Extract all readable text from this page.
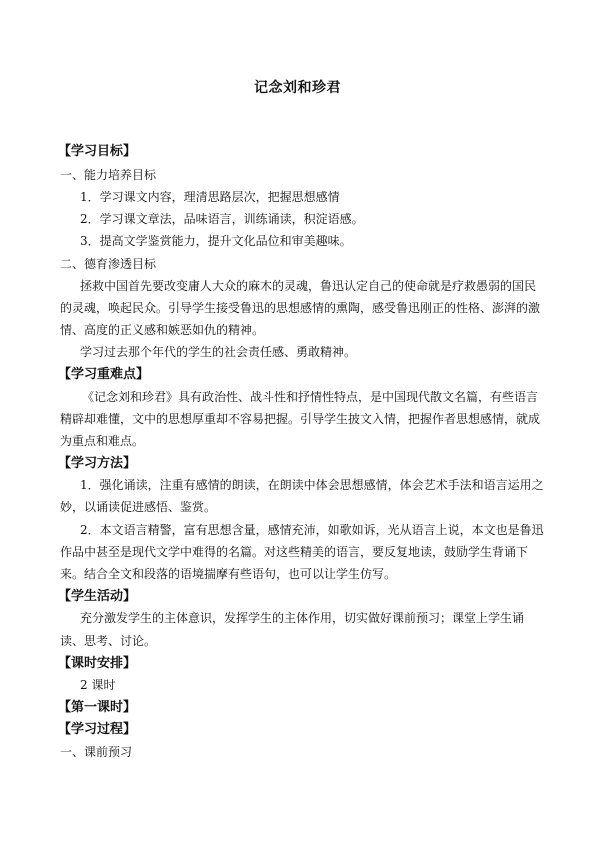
记念刘和珍君
【学习目标】
一、能力培养目标
1．学习课文内容，理清思路层次，把握思想感情
2．学习课文章法，品味语言，训练诵读，积淀语感。
3．提高文学鉴赏能力，提升文化品位和审美趣味。
二、德育渗透目标
拯救中国首先要改变庸人大众的麻木的灵魂，鲁迅认定自己的使命就是疗救愚弱的国民
的灵魂，唤起民众。引导学生接受鲁迅的思想感情的熏陶，感受鲁迅刚正的性格、澎湃的激
情、高度的正义感和嫉恶如仇的精神。
学习过去那个年代的学生的社会责任感、勇敢精神。
【学习重难点】
《记念刘和珍君》具有政治性、战斗性和抒情性特点，是中国现代散文名篇，有些语言
精辟却难懂，文中的思想厚重却不容易把握。引导学生披文入情，把握作者思想感情，就成
为重点和难点。
【学习方法】
1．强化诵读，注重有感情的朗读，在朗读中体会思想感情，体会艺术手法和语言运用之
妙，以诵读促进感悟、鉴赏。
2．本文语言精警，富有思想含量，感情充沛，如歌如诉，光从语言上说，本文也是鲁迅
作品中甚至是现代文学中难得的名篇。对这些精美的语言，要反复地读，鼓励学生背诵下
来。结合全文和段落的语境揣摩有些语句，也可以让学生仿写。
【学生活动】
充分激发学生的主体意识，发挥学生的主体作用，切实做好课前预习；课堂上学生诵
读、思考、讨论。
【课时安排】
2 课时
【第一课时】
【学习过程】
一、课前预习
